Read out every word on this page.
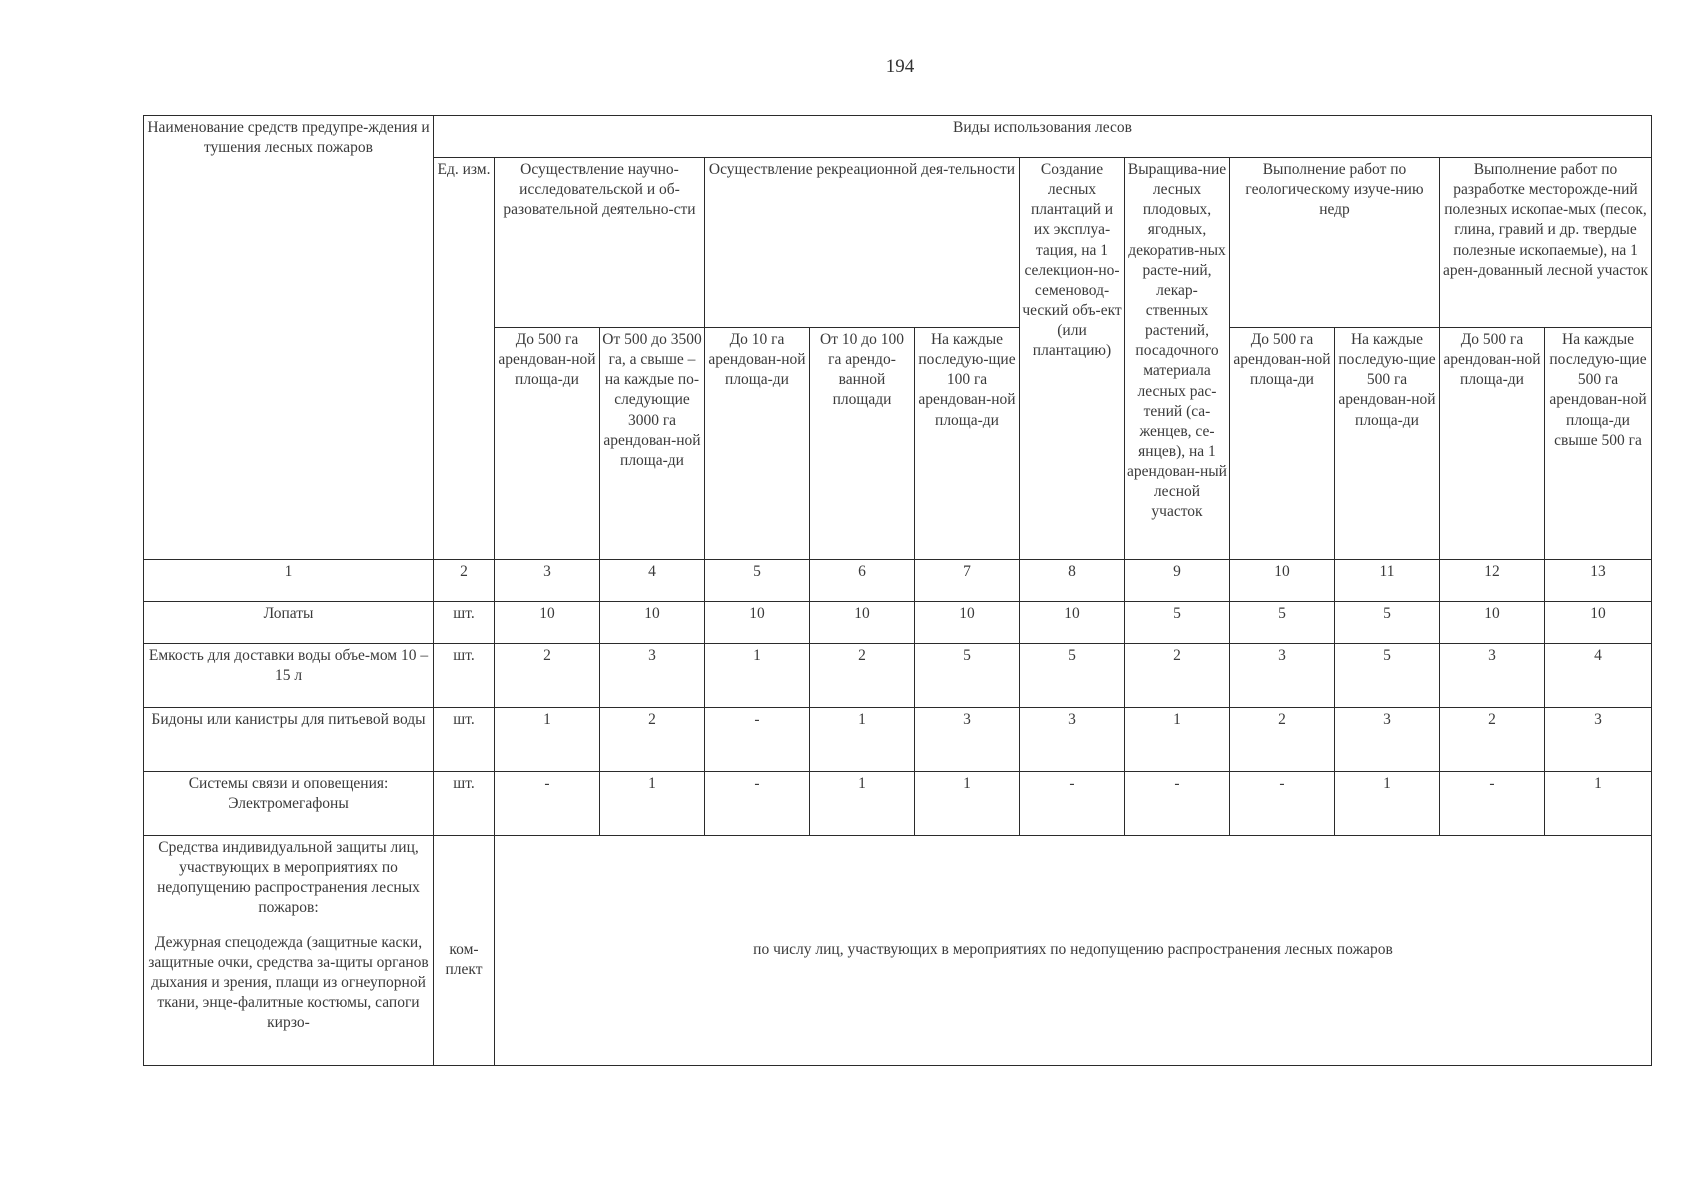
194
Наименование средств предупре-ждения и тушения лесных пожаров	Виды использования лесов											
	Ед. изм.	Осуществление научно-исследовательской и об-разовательной деятельно-сти		Осуществление рекреационной дея-тельности			Создание лесных плантаций и их эксплуа-тация, на 1 селекцион-но-семеновод-ческий объ-ект (или плантацию)	Выращива-ние лесных плодовых, ягодных, декоратив-ных расте-ний, лекар-ственных растений, посадочного материала лесных рас-тений (са-женцев, се-янцев), на 1 арендован-ный лесной участок	Выполнение работ по геологическому изуче-нию недр		Выполнение работ по разработке месторожде-ний полезных ископае-мых (песок, глина, гравий и др. твердые полезные ископаемые), на 1 арен-дованный лесной участок	
		До 500 га арендован-ной площа-ди	От 500 до 3500 га, а свыше – на каждые по-следующие 3000 га арендован-ной площа-ди	До 10 га арендован-ной площа-ди	От 10 до 100 га арендо-ванной площади	На каждые последую-щие 100 га арендован-ной площа-ди			До 500 га арендован-ной площа-ди	На каждые последую-щие 500 га арендован-ной площа-ди	До 500 га арендован-ной площа-ди	На каждые последую-щие 500 га арендован-ной площа-ди свыше 500 га
1	2	3	4	5	6	7	8	9	10	11	12	13
Лопаты	шт.	10	10	10	10	10	10	5	5	5	10	10
Емкость для доставки воды объе-мом 10 – 15 л	шт.	2	3	1	2	5	5	2	3	5	3	4
Бидоны или канистры для питьевой воды	шт.	1	2	-	1	3	3	1	2	3	2	3
Системы связи и оповещения: Электромегафоны	шт.	-	1	-	1	1	-	-	-	1	-	1

Средства индивидуальной защиты лиц, участвующих в мероприятиях по недопущению распространения лесных пожаров:
Дежурная спецодежда (защитные каски, защитные очки, средства за-щиты органов дыхания и зрения, плащи из огнеупорной ткани, энце-фалитные костюмы, сапоги кирзо-	ком-плект	по числу лиц, участвующих в мероприятиях по недопущению распространения лесных пожаров										
